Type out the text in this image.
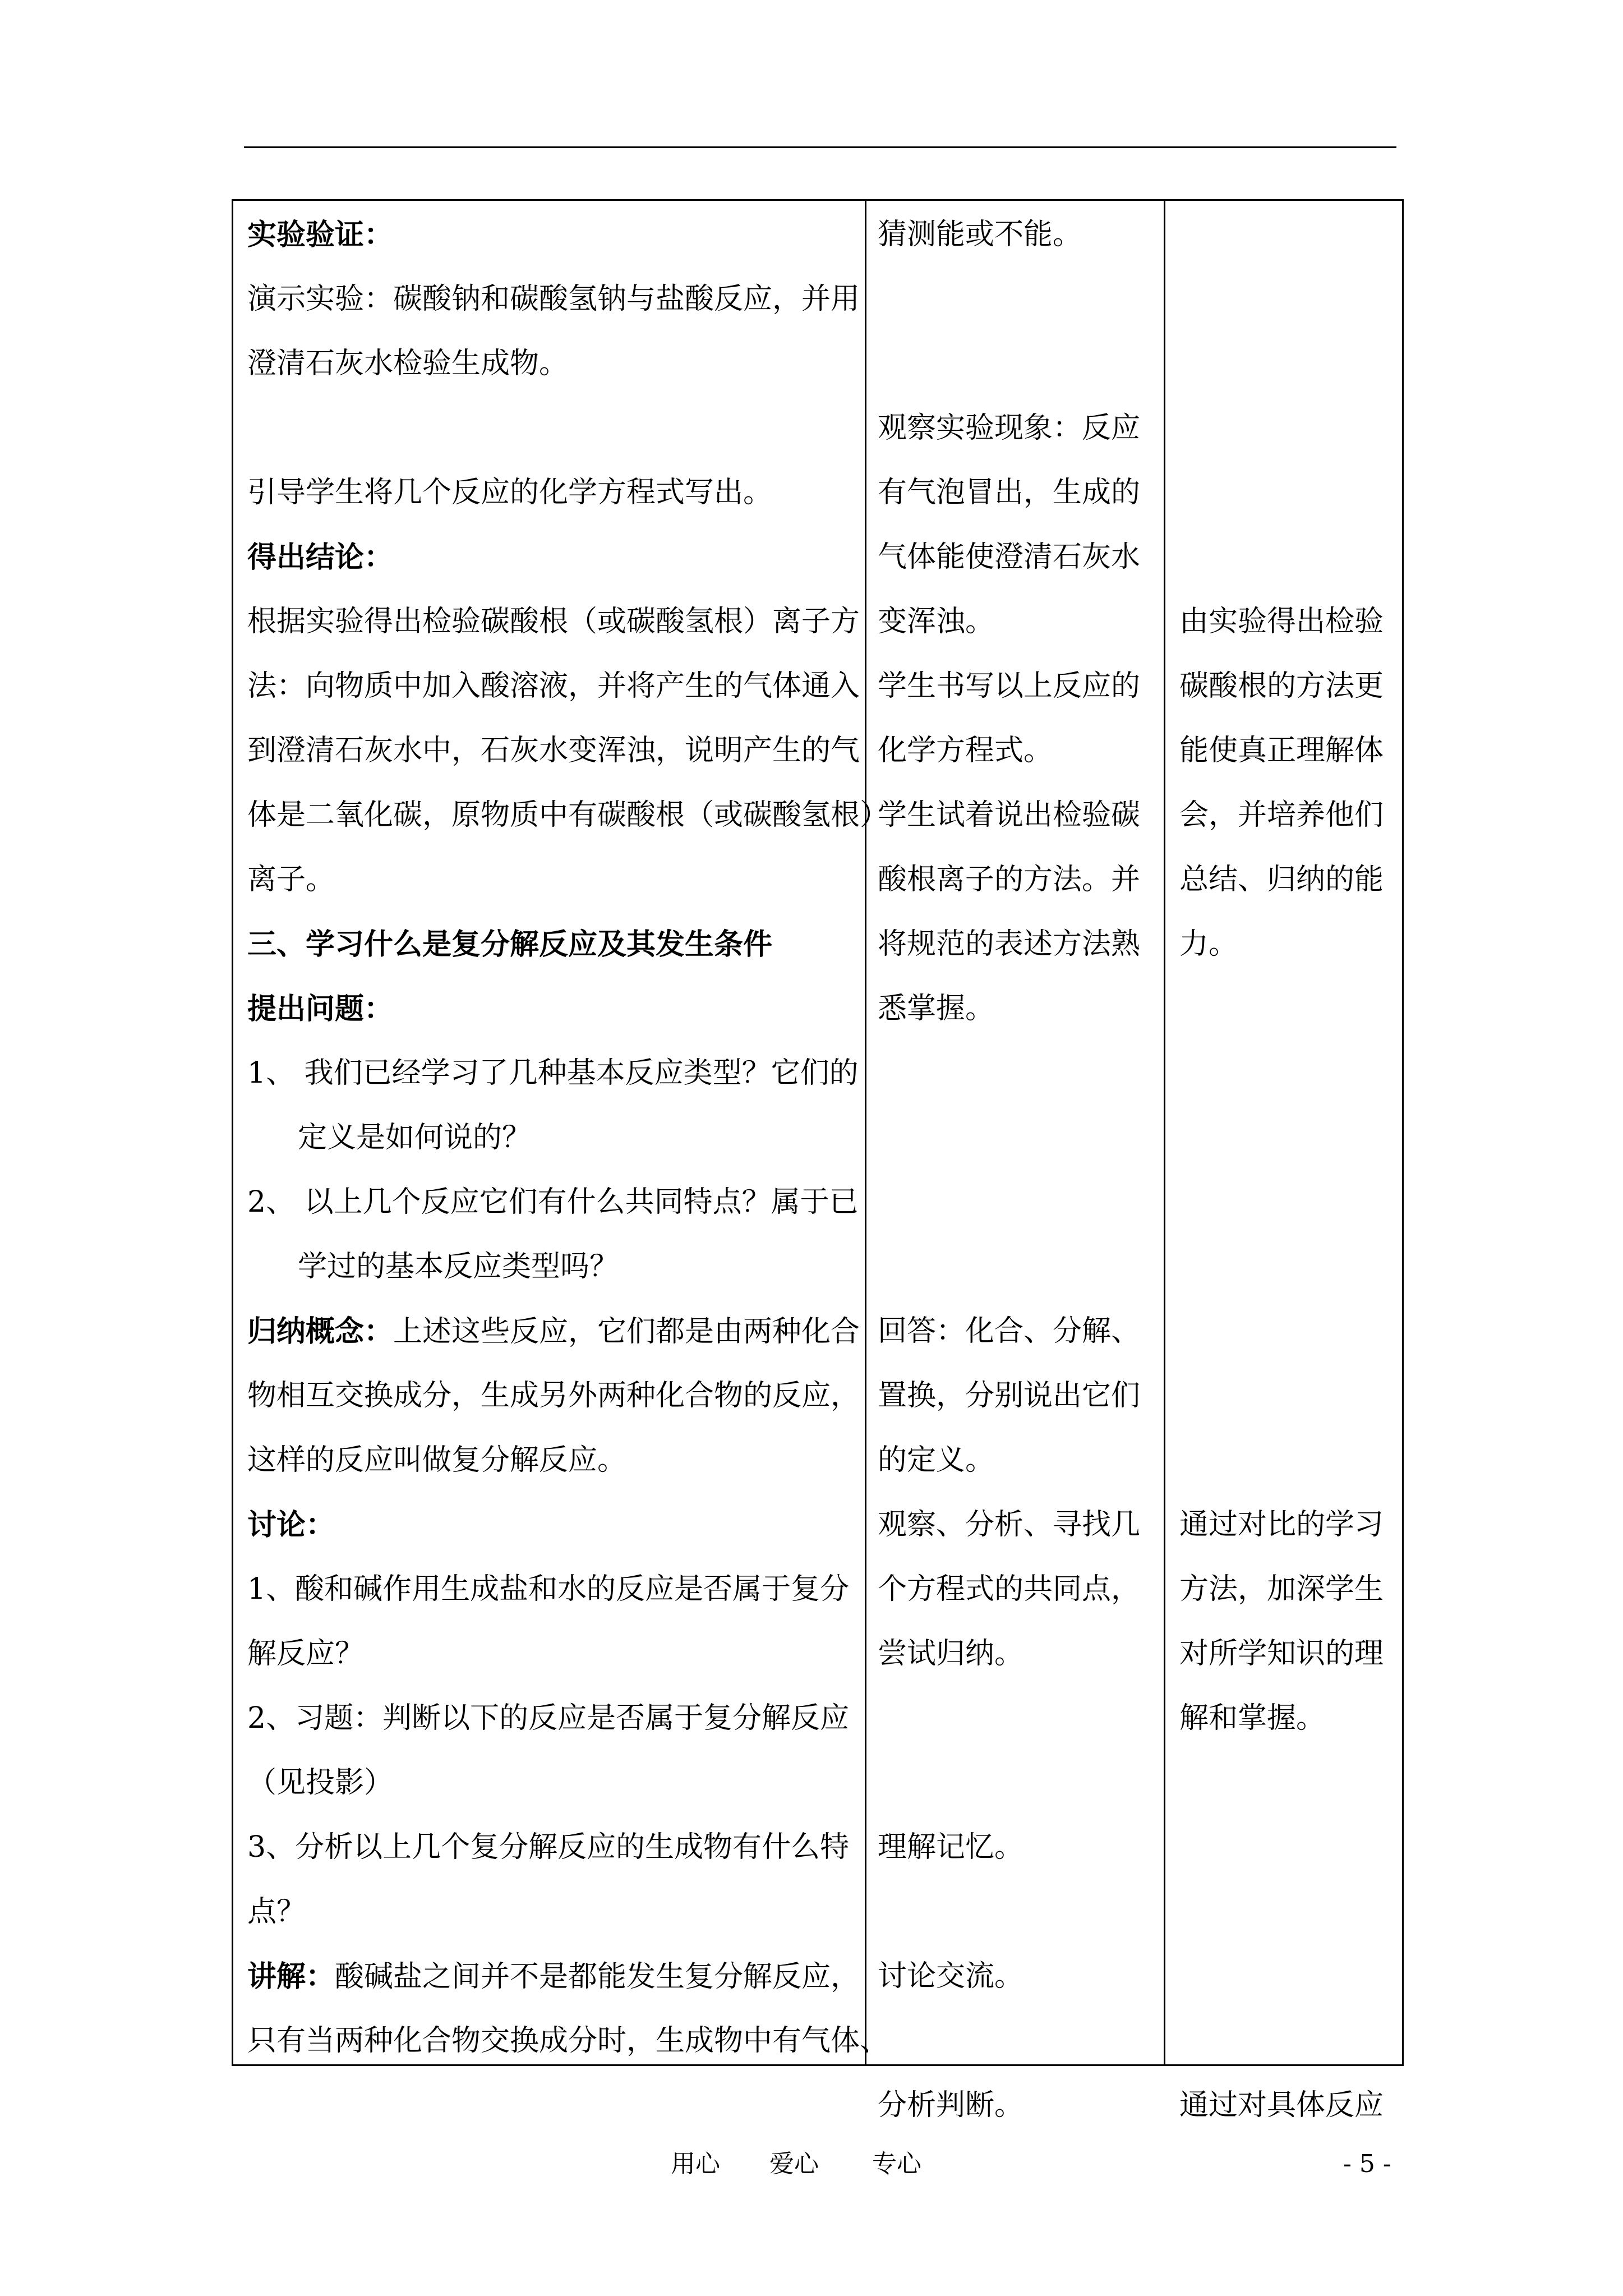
实验验证：
演示实验：碳酸钠和碳酸氢钠与盐酸反应，并用
澄清石灰水检验生成物。
引导学生将几个反应的化学方程式写出。
得出结论：
根据实验得出检验碳酸根（或碳酸氢根）离子方
法：向物质中加入酸溶液，并将产生的气体通入
到澄清石灰水中，石灰水变浑浊，说明产生的气
体是二氧化碳，原物质中有碳酸根（或碳酸氢根）
离子。
三、学习什么是复分解反应及其发生条件
提出问题：
1、 我们已经学习了几种基本反应类型？它们的
定义是如何说的？
2、 以上几个反应它们有什么共同特点？属于已
学过的基本反应类型吗？
归纳概念：上述这些反应，它们都是由两种化合
物相互交换成分，生成另外两种化合物的反应，
这样的反应叫做复分解反应。
讨论：
1、酸和碱作用生成盐和水的反应是否属于复分
解反应？
2、习题：判断以下的反应是否属于复分解反应
（见投影）
3、分析以上几个复分解反应的生成物有什么特
点？
讲解：酸碱盐之间并不是都能发生复分解反应，
只有当两种化合物交换成分时，生成物中有气体、
猜测能或不能。
观察实验现象：反应
有气泡冒出，生成的
气体能使澄清石灰水
变浑浊。
学生书写以上反应的
化学方程式。
学生试着说出检验碳
酸根离子的方法。并
将规范的表述方法熟
悉掌握。
回答：化合、分解、
置换，分别说出它们
的定义。
观察、分析、寻找几
个方程式的共同点，
尝试归纳。
理解记忆。
讨论交流。
分析判断。
由实验得出检验
碳酸根的方法更
能使真正理解体
会，并培养他们
总结、归纳的能
力。
通过对比的学习
方法，加深学生
对所学知识的理
解和掌握。
通过对具体反应
用心 爱心 专心	- 5 -
